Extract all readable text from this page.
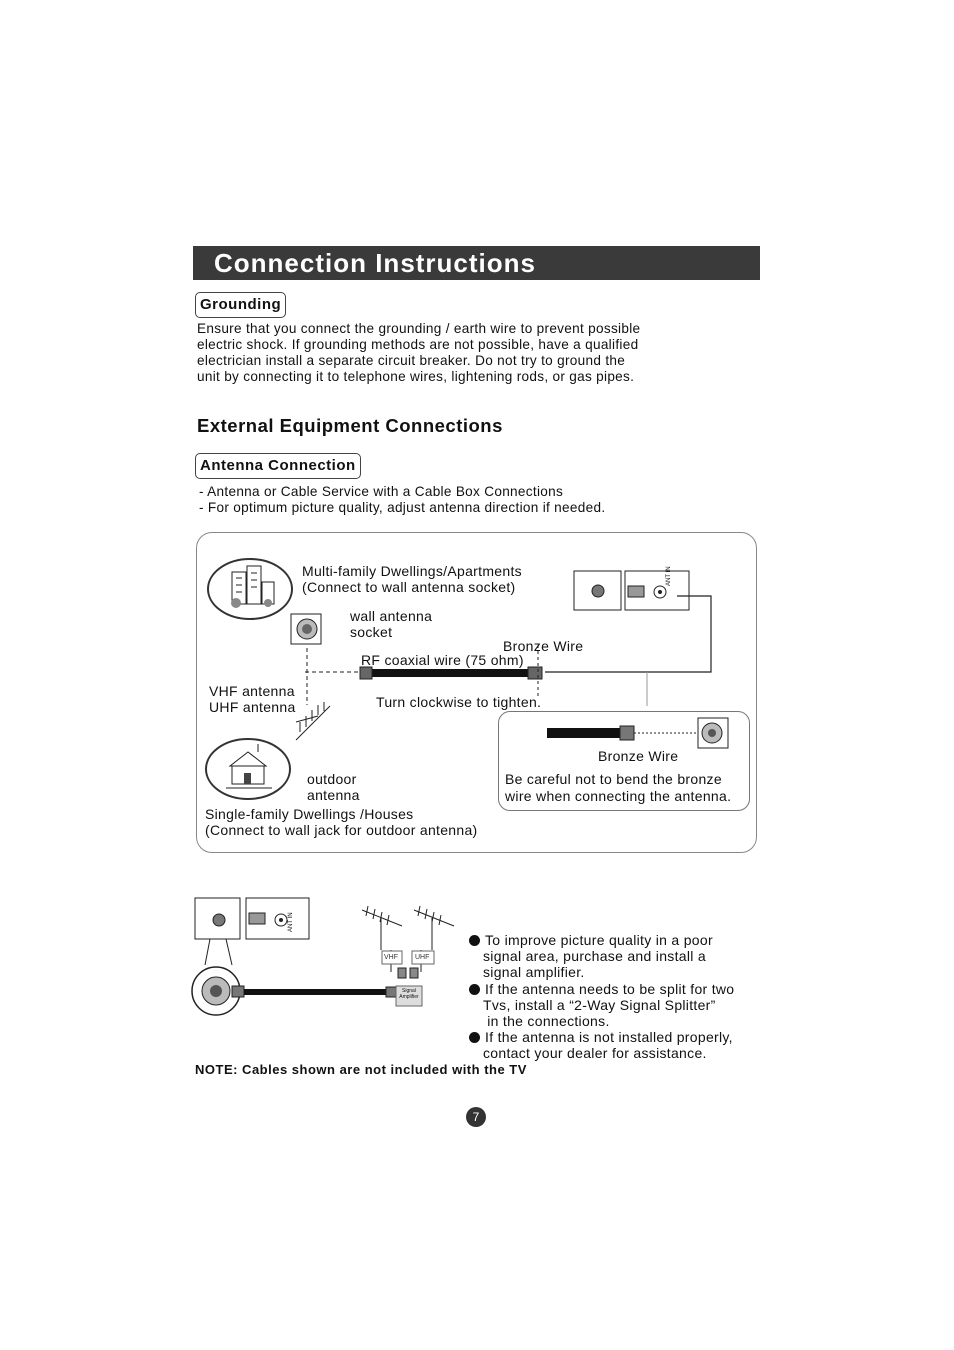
Connection Instructions
Grounding
Ensure that you connect the grounding / earth wire to prevent possible
electric shock. If grounding methods are not possible, have a qualified
electrician install a separate circuit breaker. Do not try to ground the
unit by connecting it to telephone wires, lightening rods, or gas pipes.
External Equipment Connections
Antenna Connection
- Antenna or Cable Service with a Cable Box Connections
- For optimum picture quality, adjust antenna direction if needed.
Multi-family Dwellings/Apartments
(Connect to wall antenna socket)
wall antenna
socket
Bronze Wire
RF coaxial wire (75 ohm)
VHF antenna
UHF antenna	Turn clockwise to tighten.
outdoor
antenna
Single-family Dwellings /Houses
(Connect to wall jack for outdoor antenna)
Bronze Wire
Be careful not to bend the bronze
wire when connecting the antenna.
ANT IN
ANT IN
VHF UHF
Signal
Amplifier
To improve picture quality in a poor
signal area, purchase and install a
signal amplifier.
If the antenna needs to be split for two
Tvs, install a “2-Way Signal Splitter”
in the connections.
If the antenna is not installed properly,
contact your dealer for assistance.
NOTE: Cables shown are not included with the TV
7
